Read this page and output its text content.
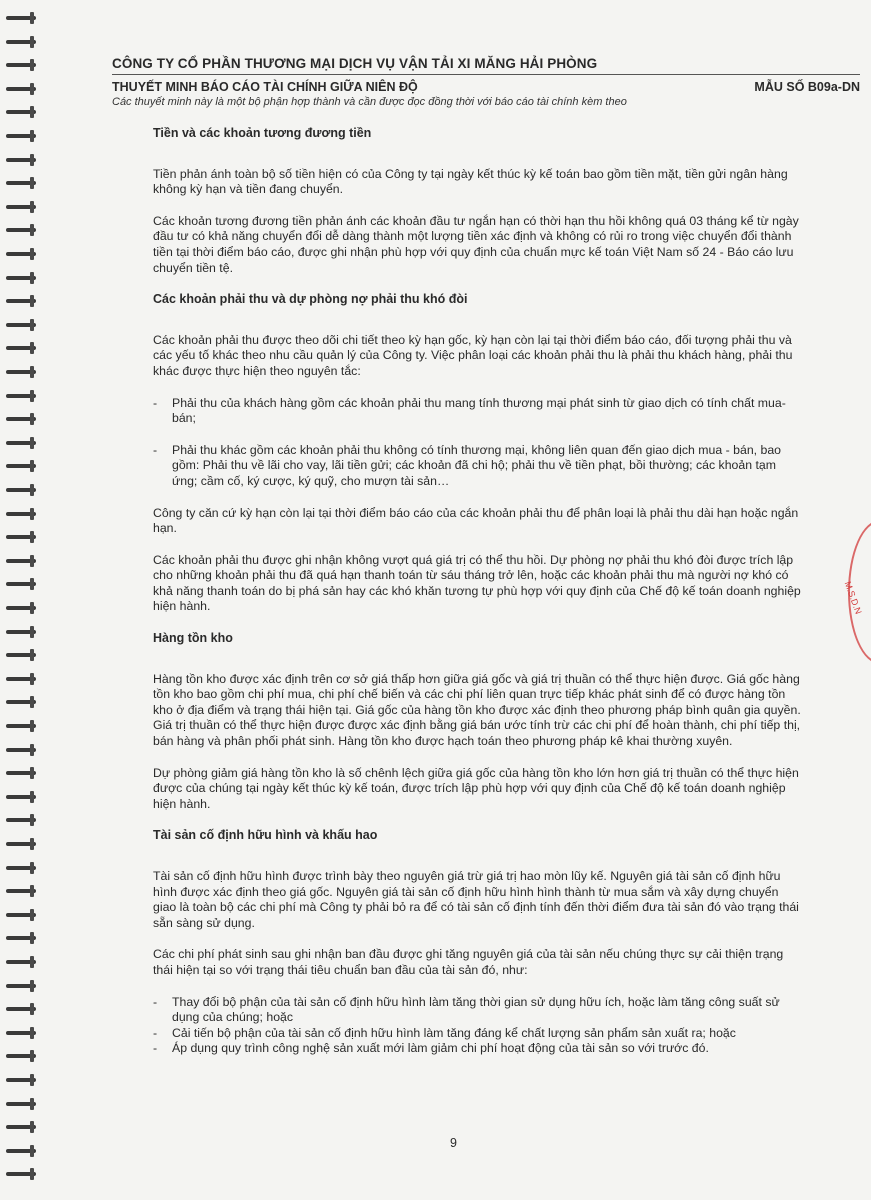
M.S.D.N
CÔNG TY CỔ PHẦN THƯƠNG MẠI DỊCH VỤ VẬN TẢI XI MĂNG HẢI PHÒNG
THUYẾT MINH BÁO CÁO TÀI CHÍNH GIỮA NIÊN ĐỘ	MẪU SỐ B09a-DN
Các thuyết minh này là một bộ phận hợp thành và cần được đọc đồng thời với báo cáo tài chính kèm theo
Tiền và các khoản tương đương tiền

Tiền phản ánh toàn bộ số tiền hiện có của Công ty tại ngày kết thúc kỳ kế toán bao gồm tiền mặt, tiền gửi ngân hàng không kỳ hạn và tiền đang chuyển.

Các khoản tương đương tiền phản ánh các khoản đầu tư ngắn hạn có thời hạn thu hồi không quá 03 tháng kể từ ngày đầu tư có khả năng chuyển đổi dễ dàng thành một lượng tiền xác định và không có rủi ro trong việc chuyển đổi thành tiền tại thời điểm báo cáo, được ghi nhận phù hợp với quy định của chuẩn mực kế toán Việt Nam số 24 - Báo cáo lưu chuyển tiền tệ.

Các khoản phải thu và dự phòng nợ phải thu khó đòi

Các khoản phải thu được theo dõi chi tiết theo kỳ hạn gốc, kỳ hạn còn lại tại thời điểm báo cáo, đối tượng phải thu và các yếu tố khác theo nhu cầu quản lý của Công ty. Việc phân loại các khoản phải thu là phải thu khách hàng, phải thu khác được thực hiện theo nguyên tắc:

- Phải thu của khách hàng gồm các khoản phải thu mang tính thương mại phát sinh từ giao dịch có tính chất mua-bán;
- Phải thu khác gồm các khoản phải thu không có tính thương mại, không liên quan đến giao dịch mua - bán, bao gồm: Phải thu về lãi cho vay, lãi tiền gửi; các khoản đã chi hộ; phải thu về tiền phạt, bồi thường; các khoản tạm ứng; cầm cố, ký cược, ký quỹ, cho mượn tài sản…

Công ty căn cứ kỳ hạn còn lại tại thời điểm báo cáo của các khoản phải thu để phân loại là phải thu dài hạn hoặc ngắn hạn.

Các khoản phải thu được ghi nhận không vượt quá giá trị có thể thu hồi. Dự phòng nợ phải thu khó đòi được trích lập cho những khoản phải thu đã quá hạn thanh toán từ sáu tháng trở lên, hoặc các khoản phải thu mà người nợ khó có khả năng thanh toán do bị phá sản hay các khó khăn tương tự phù hợp với quy định của Chế độ kế toán doanh nghiệp hiện hành.

Hàng tồn kho

Hàng tồn kho được xác định trên cơ sở giá thấp hơn giữa giá gốc và giá trị thuần có thể thực hiện được. Giá gốc hàng tồn kho bao gồm chi phí mua, chi phí chế biến và các chi phí liên quan trực tiếp khác phát sinh để có được hàng tồn kho ở địa điểm và trạng thái hiện tại. Giá gốc của hàng tồn kho được xác định theo phương pháp bình quân gia quyền. Giá trị thuần có thể thực hiện được được xác định bằng giá bán ước tính trừ các chi phí để hoàn thành, chi phí tiếp thị, bán hàng và phân phối phát sinh. Hàng tồn kho được hạch toán theo phương pháp kê khai thường xuyên.

Dự phòng giảm giá hàng tồn kho là số chênh lệch giữa giá gốc của hàng tồn kho lớn hơn giá trị thuần có thể thực hiện được của chúng tại ngày kết thúc kỳ kế toán, được trích lập phù hợp với quy định của Chế độ kế toán doanh nghiệp hiện hành.

Tài sản cố định hữu hình và khấu hao

Tài sản cố định hữu hình được trình bày theo nguyên giá trừ giá trị hao mòn lũy kế. Nguyên giá tài sản cố định hữu hình được xác định theo giá gốc. Nguyên giá tài sản cố định hữu hình hình thành từ mua sắm và xây dựng chuyển giao là toàn bộ các chi phí mà Công ty phải bỏ ra để có tài sản cố định tính đến thời điểm đưa tài sản đó vào trạng thái sẵn sàng sử dụng.

Các chi phí phát sinh sau ghi nhận ban đầu được ghi tăng nguyên giá của tài sản nếu chúng thực sự cải thiện trạng thái hiện tại so với trạng thái tiêu chuẩn ban đầu của tài sản đó, như:

- Thay đổi bộ phận của tài sản cố định hữu hình làm tăng thời gian sử dụng hữu ích, hoặc làm tăng công suất sử dụng của chúng; hoặc
- Cải tiến bộ phận của tài sản cố định hữu hình làm tăng đáng kể chất lượng sản phẩm sản xuất ra; hoặc
- Áp dụng quy trình công nghệ sản xuất mới làm giảm chi phí hoạt động của tài sản so với trước đó.
9
